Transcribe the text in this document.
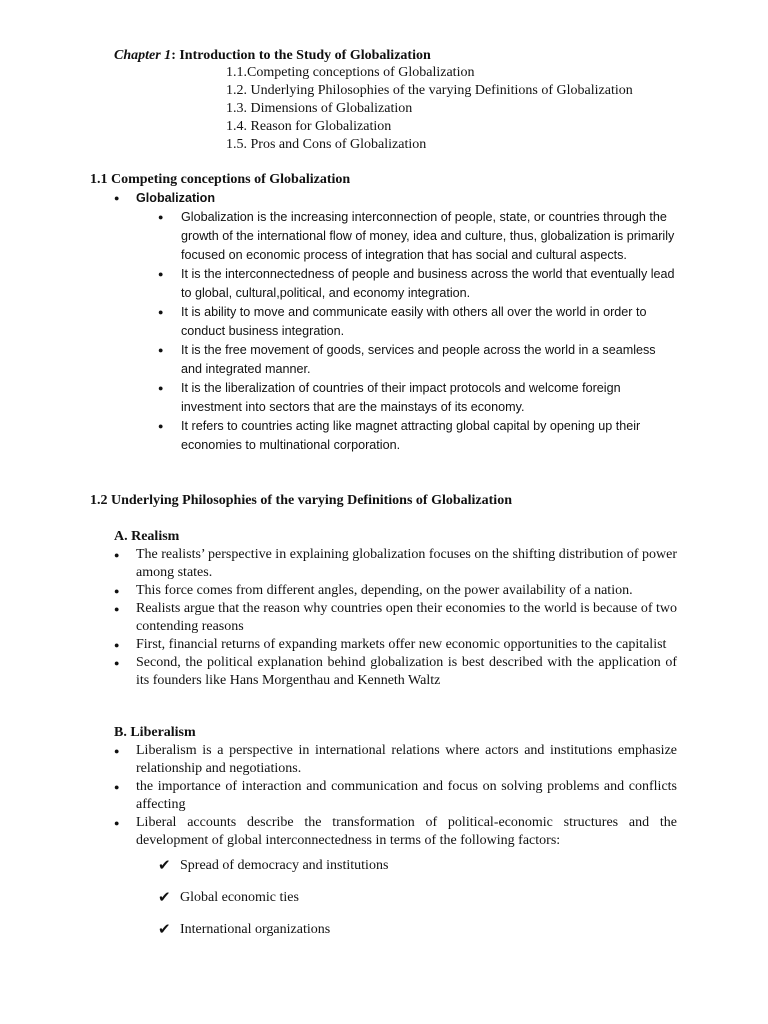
Chapter 1: Introduction to the Study of Globalization
1.1.Competing conceptions of Globalization
1.2. Underlying Philosophies of the varying Definitions of Globalization
1.3. Dimensions of Globalization
1.4. Reason for Globalization
1.5. Pros and Cons of Globalization
1.1 Competing conceptions of Globalization
● Globalization
● Globalization is the increasing interconnection of people, state, or countries through the growth of the international flow of money, idea and culture, thus, globalization is primarily focused on economic process of integration that has social and cultural aspects.
● It is the interconnectedness of people and business across the world that eventually lead to global, cultural,political, and economy integration.
● It is ability to move and communicate easily with others all over the world in order to conduct business integration.
● It is the free movement of goods, services and people across the world in a seamless and integrated manner.
● It is the liberalization of countries of their impact protocols and welcome foreign investment into sectors that are the mainstays of its economy.
● It refers to countries acting like magnet attracting global capital by opening up their economies to multinational corporation.
1.2 Underlying Philosophies of the varying Definitions of Globalization
A. Realism
● The realists’ perspective in explaining globalization focuses on the shifting distribution of power among states.
● This force comes from different angles, depending, on the power availability of a nation.
● Realists argue that the reason why countries open their economies to the world is because of two contending reasons
● First, financial returns of expanding markets offer new economic opportunities to the capitalist
● Second, the political explanation behind globalization is best described with the application of its founders like Hans Morgenthau and Kenneth Waltz
B. Liberalism
● Liberalism is a perspective in international relations where actors and institutions emphasize relationship and negotiations.
● the importance of interaction and communication and focus on solving problems and conflicts affecting
● Liberal accounts describe the transformation of political-economic structures and the development of global interconnectedness in terms of the following factors:
✔ Spread of democracy and institutions
✔ Global economic ties
✔ International organizations
